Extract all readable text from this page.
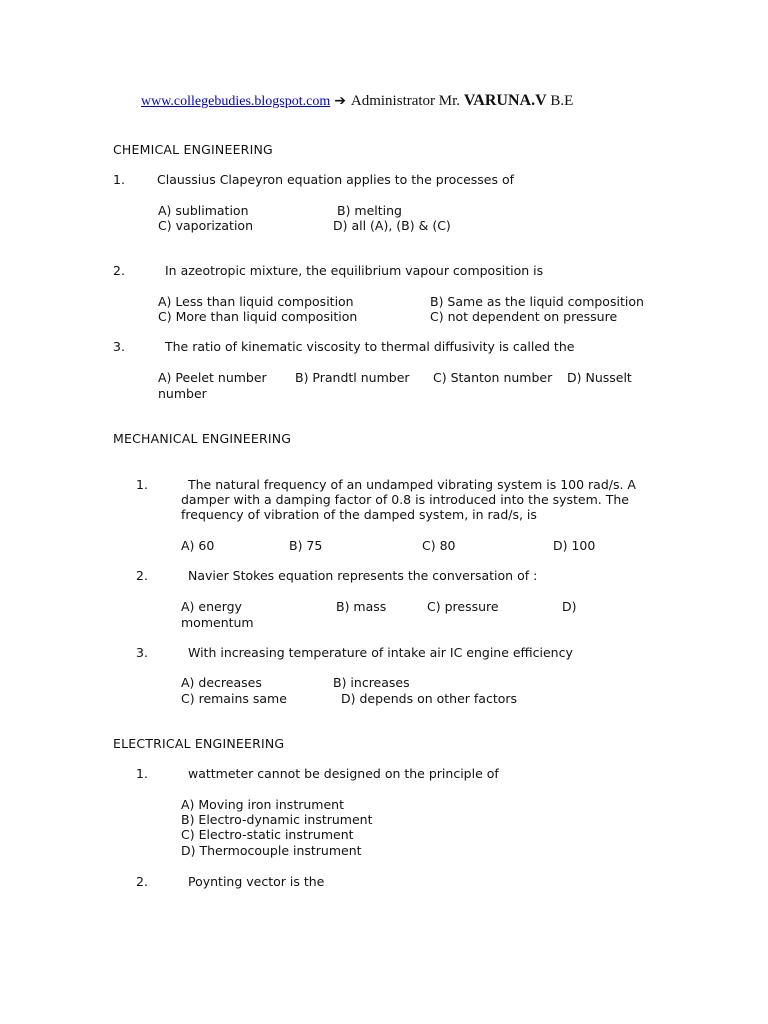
www.collegebudies.blogspot.com ➔ Administrator Mr. VARUNA.V B.E
CHEMICAL ENGINEERING
1.	Claussius Clapeyron equation applies to the processes of
A) sublimation	B) melting
C) vaporization	D) all (A), (B) & (C)
2.	In azeotropic mixture, the equilibrium vapour composition is
A) Less than liquid composition	B) Same as the liquid composition
C) More than liquid composition	C) not dependent on pressure
3.	The ratio of kinematic viscosity to thermal diffusivity is called the
A) Peelet number B) Prandtl number C) Stanton number D) Nusselt
number
MECHANICAL ENGINEERING
1.	The natural frequency of an undamped vibrating system is 100 rad/s. A
damper with a damping factor of 0.8 is introduced into the system. The
frequency of vibration of the damped system, in rad/s, is
A) 60	B) 75	C) 80	D) 100
2.	Navier Stokes equation represents the conversation of :
A) energy	B) mass	C) pressure	D)
momentum
3.	With increasing temperature of intake air IC engine efficiency
A) decreases	B) increases
C) remains same	D) depends on other factors
ELECTRICAL ENGINEERING
1.	wattmeter cannot be designed on the principle of
A) Moving iron instrument
B) Electro-dynamic instrument
C) Electro-static instrument
D) Thermocouple instrument
2.	Poynting vector is the
